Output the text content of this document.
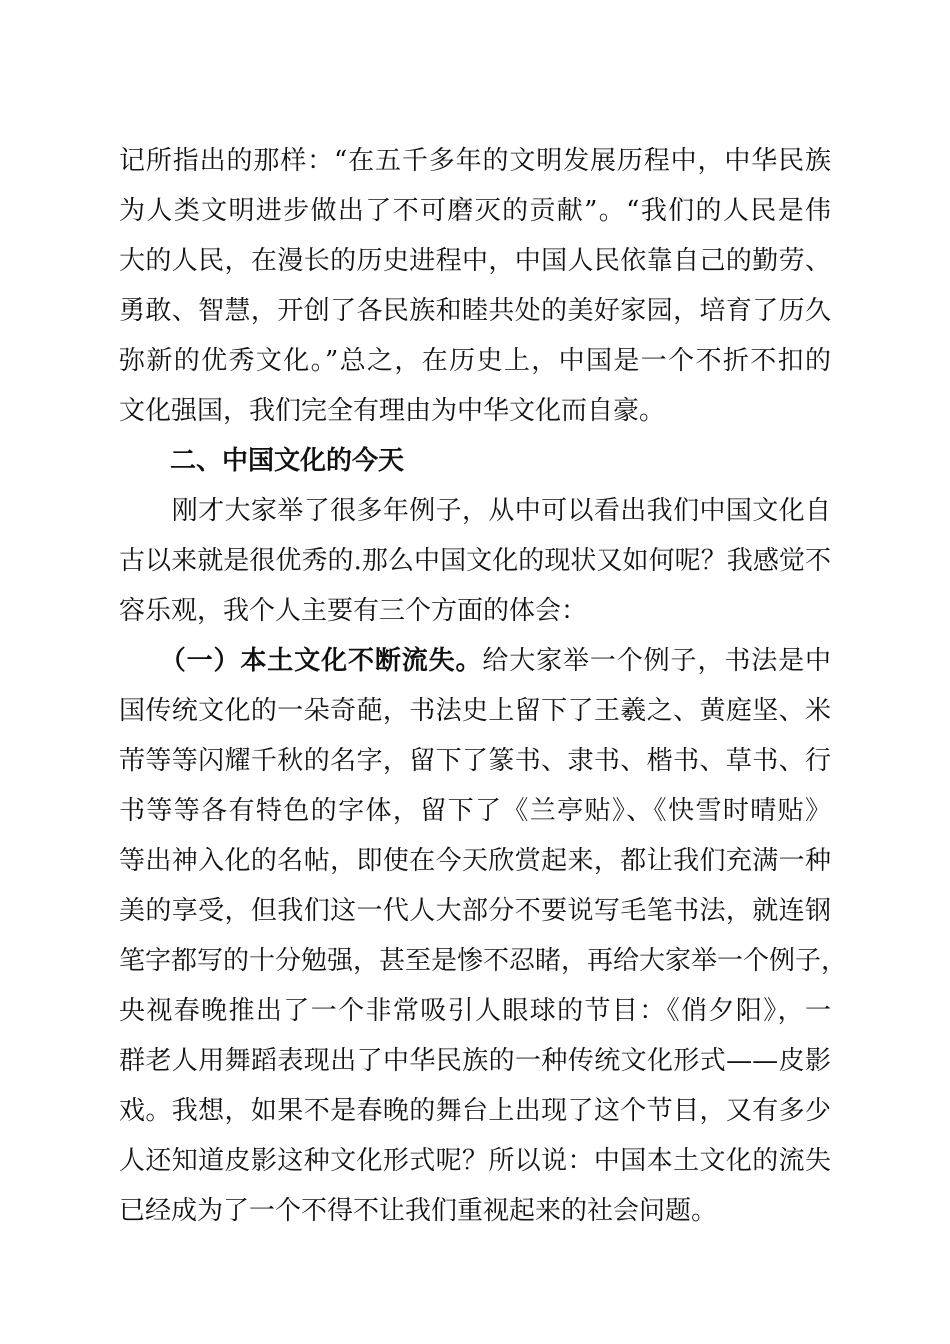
记所指出的那样：“在五千多年的文明发展历程中，中华民族
为人类文明进步做出了不可磨灭的贡献”。“我们的人民是伟
大的人民，在漫长的历史进程中，中国人民依靠自己的勤劳、
勇敢、智慧，开创了各民族和睦共处的美好家园，培育了历久
弥新的优秀文化。”总之，在历史上，中国是一个不折不扣的
文化强国，我们完全有理由为中华文化而自豪。
二、中国文化的今天
　　刚才大家举了很多年例子，从中可以看出我们中国文化自
古以来就是很优秀的.那么中国文化的现状又如何呢？我感觉不
容乐观，我个人主要有三个方面的体会：
　　（一）本土文化不断流失。给大家举一个例子，书法是中
国传统文化的一朵奇葩，书法史上留下了王羲之、黄庭坚、米
芾等等闪耀千秋的名字，留下了篆书、隶书、楷书、草书、行
书等等各有特色的字体，留下了《兰亭贴》、《快雪时晴贴》
等出神入化的名帖，即使在今天欣赏起来，都让我们充满一种
美的享受，但我们这一代人大部分不要说写毛笔书法，就连钢
笔字都写的十分勉强，甚至是惨不忍睹，再给大家举一个例子，
央视春晚推出了一个非常吸引人眼球的节目：《俏夕阳》，一
群老人用舞蹈表现出了中华民族的一种传统文化形式——皮影
戏。我想，如果不是春晚的舞台上出现了这个节目，又有多少
人还知道皮影这种文化形式呢？所以说：中国本土文化的流失
已经成为了一个不得不让我们重视起来的社会问题。
